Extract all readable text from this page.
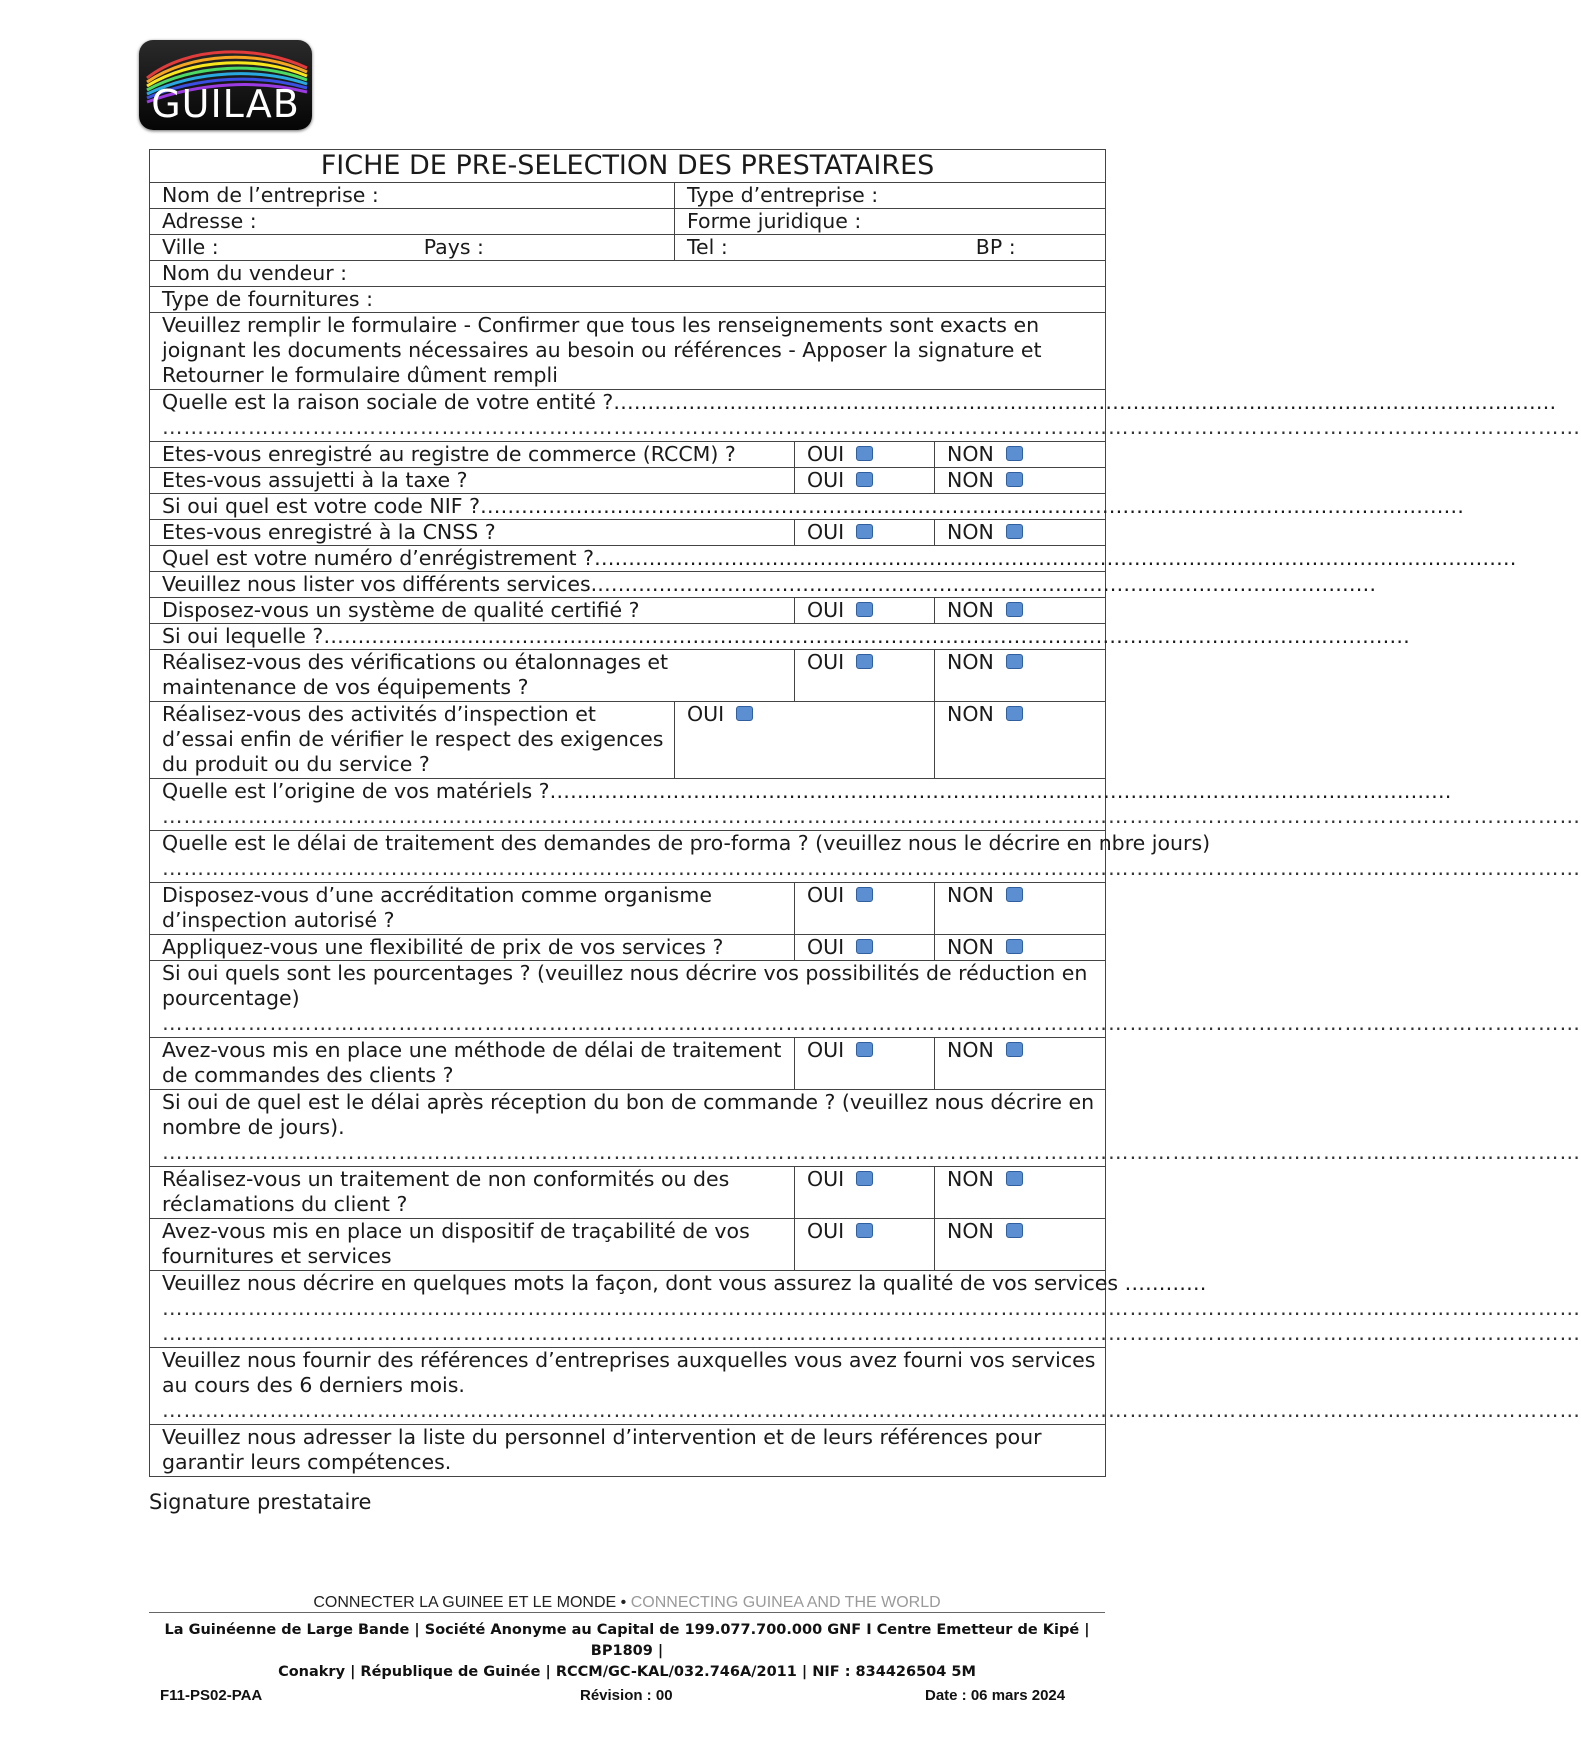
GUILAB
FICHE DE PRE-SELECTION DES PRESTATAIRES			
Nom de l’entreprise :	Type d’entreprise :		
Adresse :	Forme juridique :		
Ville : Pays :	Tel : BP :		
Nom du vendeur :			
Type de fournitures :			
Veuillez remplir le formulaire - Confirmer que tous les renseignements sont exacts en joignant les documents nécessaires au besoin ou références - Apposer la signature et Retourner le formulaire dûment rempli			
Quelle est la raison sociale de votre entité ?…………………………………………………………………………………………………………………………
………………………………………………………………………………………………………………………………………………………………………………			

Etes-vous enregistré au registre de commerce (RCCM) ?		OUI	NON
Etes-vous assujetti à la taxe ?		OUI	NON
Si oui quel est votre code NIF ?………………………………………………………………………………………………………………………………			
Etes-vous enregistré à la CNSS ?		OUI	NON
Quel est votre numéro d’enrégistrement ?………………………………………………………………………………………………………………………			
Veuillez nous lister vos différents services.……………………………………………………………………………………………………			
Disposez-vous un système de qualité certifié ?		OUI	NON
Si oui lequelle ?……………………………………………………………………………………………………………………………………………			
Réalisez-vous des vérifications ou étalonnages et maintenance de vos équipements ?		OUI	NON
Réalisez-vous des activités d’inspection et d’essai enfin de vérifier le respect des exigences du produit ou du service ?	OUI		NON
Quelle est l’origine de vos matériels ?……………………………………………………………………………………………………………………
………………………………………………………………………………………………………………………………………………………………………………			

Quelle est le délai de traitement des demandes de pro-forma ? (veuillez nous le décrire en nbre jours)
………………………………………………………………………………………………………………………………………………………………………………			

Disposez-vous d’une accréditation comme organisme d’inspection autorisé ?		OUI	NON
Appliquez-vous une flexibilité de prix de vos services ?		OUI	NON
Si oui quels sont les pourcentages ? (veuillez nous décrire vos possibilités de réduction en pourcentage)
………………………………………………………………………………………………………………………………………………………………………………			

Avez-vous mis en place une méthode de délai de traitement de commandes des clients ?		OUI	NON
Si oui de quel est le délai après réception du bon de commande ? (veuillez nous décrire en nombre de jours).
………………………………………………………………………………………………………………………………………………………………………………			

Réalisez-vous un traitement de non conformités ou des réclamations du client ?		OUI	NON
Avez-vous mis en place un dispositif de traçabilité de vos fournitures et services		OUI	NON
Veuillez nous décrire en quelques mots la façon, dont vous assurez la qualité de vos services …………
………………………………………………………………………………………………………………………………………………………………………………
………………………………………………………………………………………………………………………………………………………………………………			

Veuillez nous fournir des références d’entreprises auxquelles vous avez fourni vos services au cours des 6 derniers mois.
………………………………………………………………………………………………………………………………………………………………………………			

Veuillez nous adresser la liste du personnel d’intervention et de leurs références pour garantir leurs compétences.			
Signature prestataire
CONNECTER LA GUINEE ET LE MONDE • CONNECTING GUINEA AND THE WORLD
La Guinéenne de Large Bande | Société Anonyme au Capital de 199.077.700.000 GNF I Centre Emetteur de Kipé | BP1809 |
Conakry | République de Guinée | RCCM/GC-KAL/032.746A/2011 | NIF : 834426504 5M
F11-PS02-PAA	Révision : 00	Date : 06 mars 2024
